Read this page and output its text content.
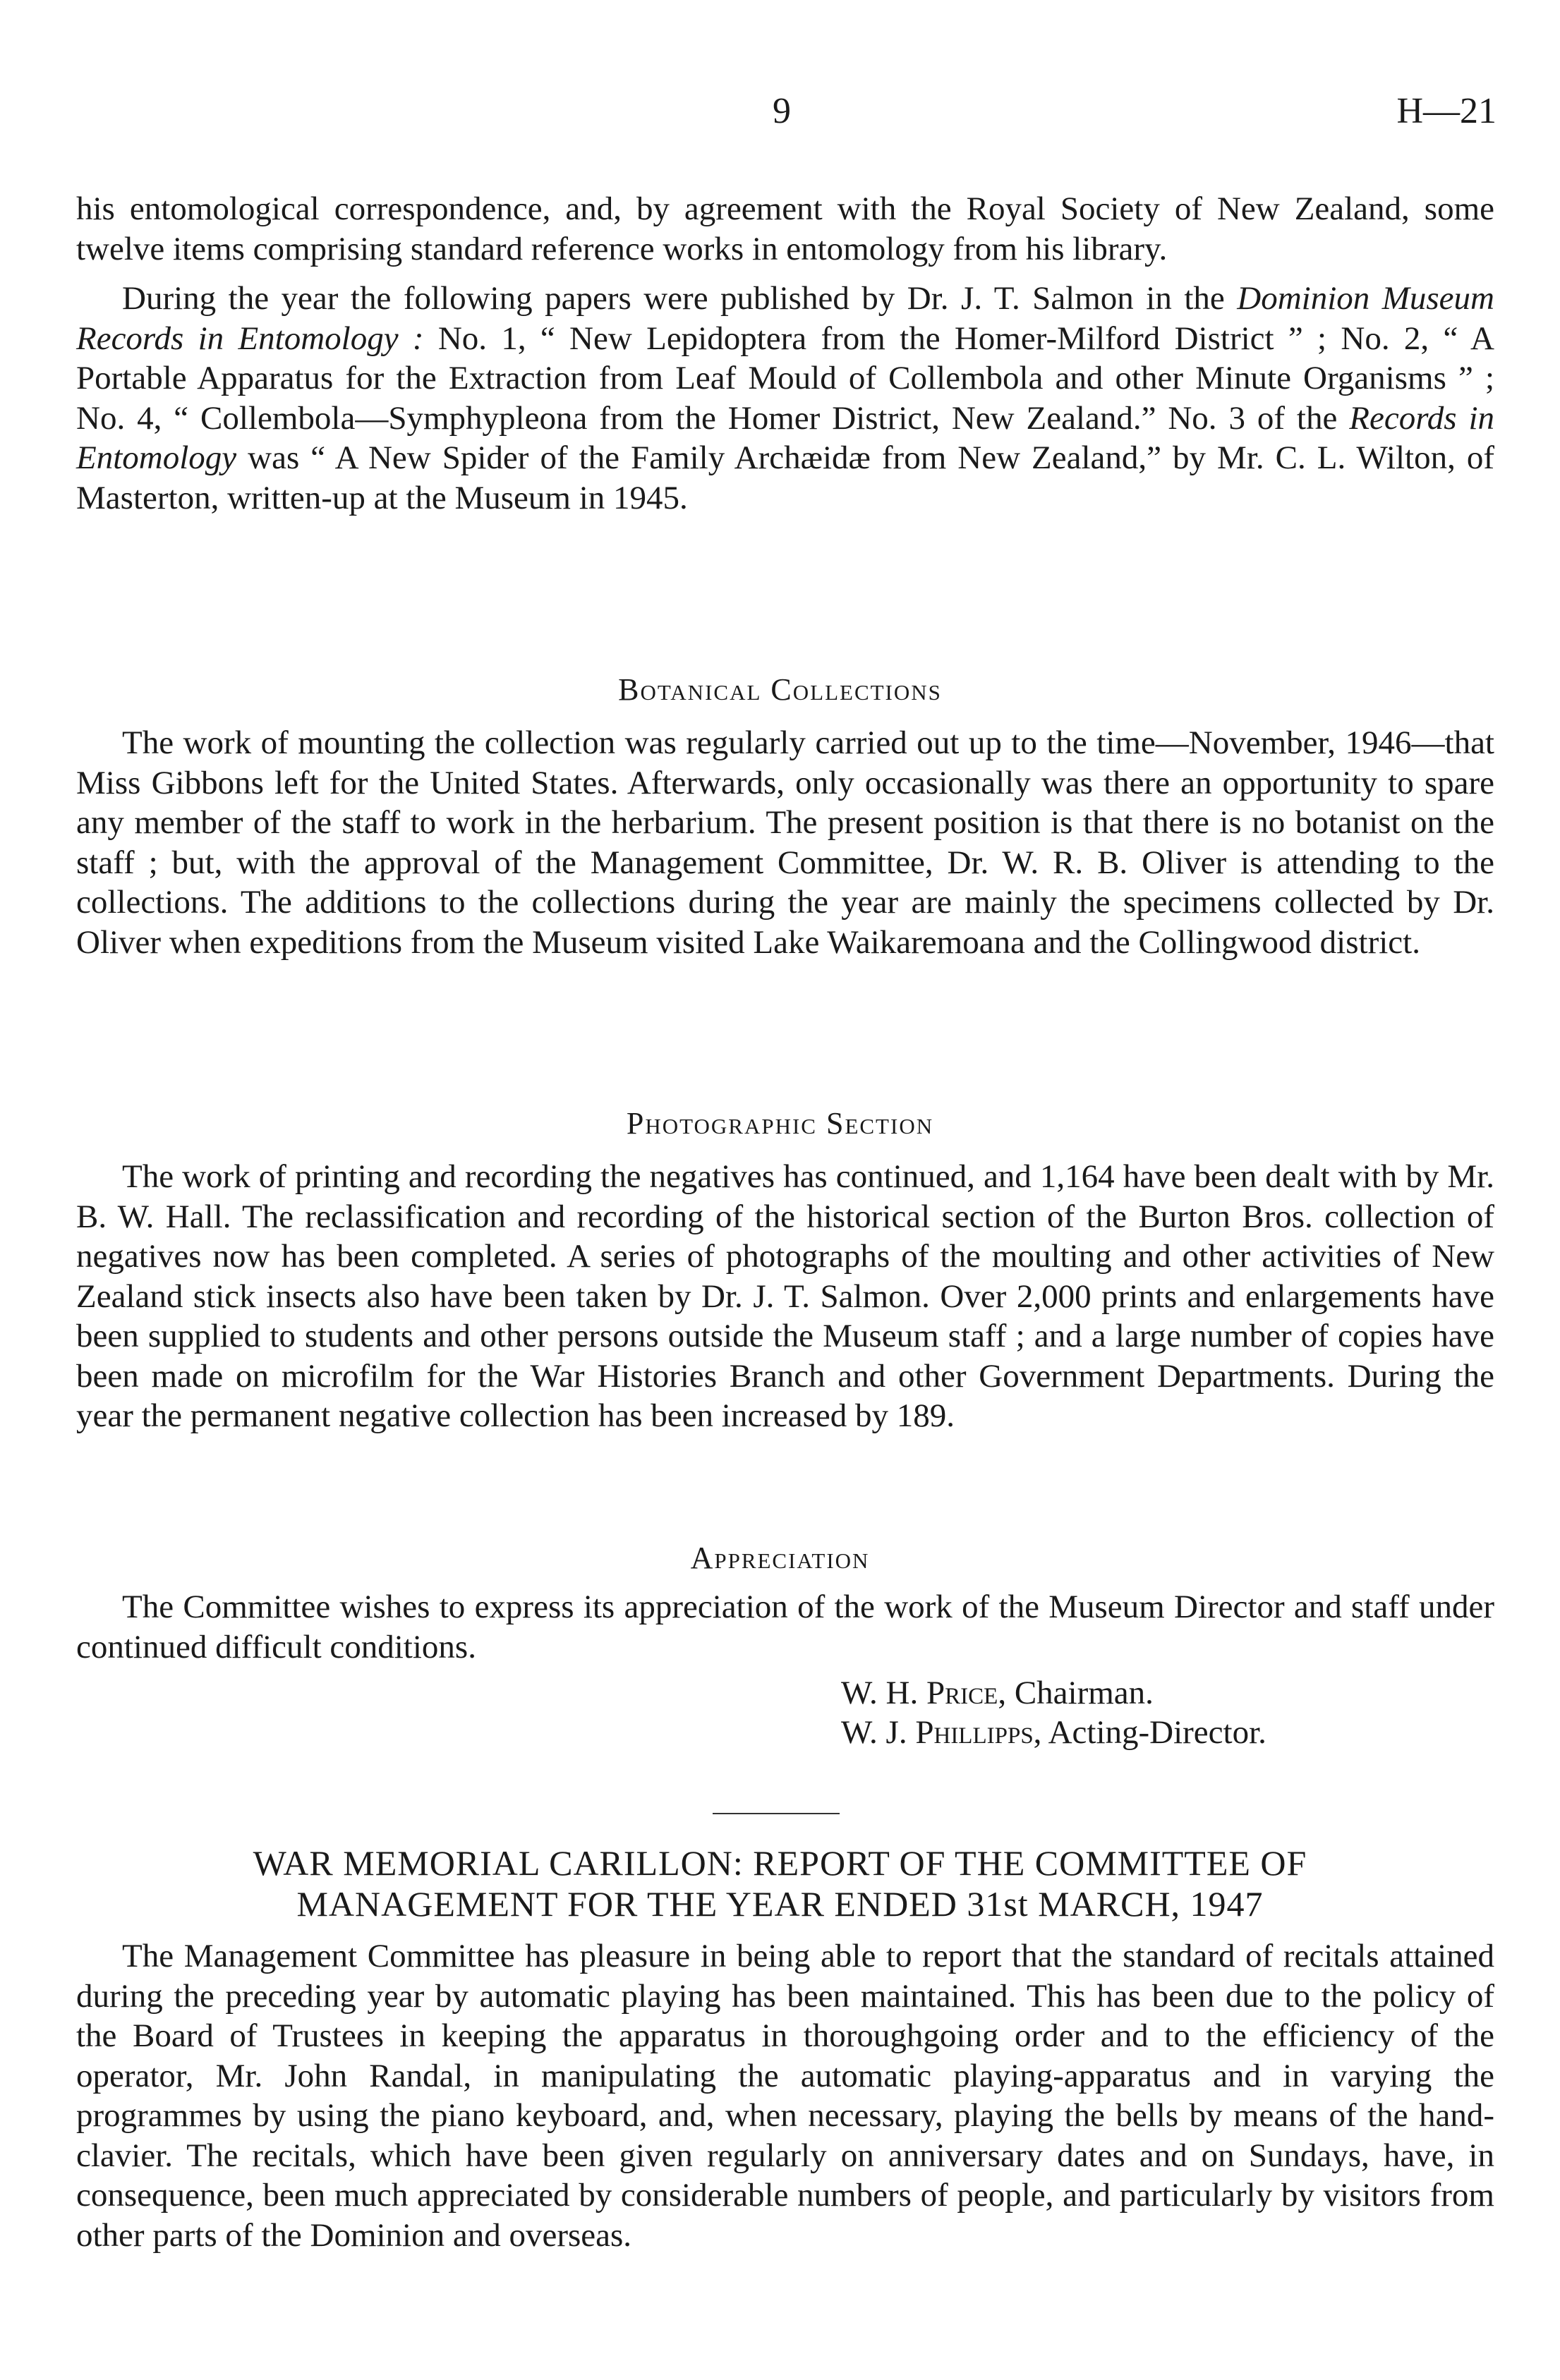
9	H—21

his entomological correspondence, and, by agreement with the Royal Society of New Zealand, some twelve items comprising standard reference works in entomology from his library.

During the year the following papers were published by Dr. J. T. Salmon in the Dominion Museum Records in Entomology : No. 1, “ New Lepidoptera from the Homer-Milford District ” ; No. 2, “ A Portable Apparatus for the Extraction from Leaf Mould of Collembola and other Minute Organisms ” ; No. 4, “ Collembola—Symphypleona from the Homer District, New Zealand.” No. 3 of the Records in Entomology was “ A New Spider of the Family Archæidæ from New Zealand,” by Mr. C. L. Wilton, of Masterton, written-up at the Museum in 1945.

Botanical Collections

The work of mounting the collection was regularly carried out up to the time—November, 1946—that Miss Gibbons left for the United States. Afterwards, only occasionally was there an opportunity to spare any member of the staff to work in the herbarium. The present position is that there is no botanist on the staff ; but, with the approval of the Management Committee, Dr. W. R. B. Oliver is attending to the collections. The additions to the collections during the year are mainly the specimens collected by Dr. Oliver when expeditions from the Museum visited Lake Waikaremoana and the Collingwood district.

Photographic Section

The work of printing and recording the negatives has continued, and 1,164 have been dealt with by Mr. B. W. Hall. The reclassification and recording of the historical section of the Burton Bros. collection of negatives now has been completed. A series of photographs of the moulting and other activities of New Zealand stick insects also have been taken by Dr. J. T. Salmon. Over 2,000 prints and enlargements have been supplied to students and other persons outside the Museum staff ; and a large number of copies have been made on microfilm for the War Histories Branch and other Government Departments. During the year the permanent negative collection has been increased by 189.

Appreciation

The Committee wishes to express its appreciation of the work of the Museum Director and staff under continued difficult conditions.

W. H. Price, Chairman.
W. J. Phillipps, Acting-Director.
WAR MEMORIAL CARILLON: REPORT OF THE COMMITTEE OF
MANAGEMENT FOR THE YEAR ENDED 31st MARCH, 1947

The Management Committee has pleasure in being able to report that the standard of recitals attained during the preceding year by automatic playing has been maintained. This has been due to the policy of the Board of Trustees in keeping the apparatus in thoroughgoing order and to the efficiency of the operator, Mr. John Randal, in manipulating the automatic playing-apparatus and in varying the programmes by using the piano keyboard, and, when necessary, playing the bells by means of the hand-clavier. The recitals, which have been given regularly on anniversary dates and on Sundays, have, in consequence, been much appreciated by considerable numbers of people, and particularly by visitors from other parts of the Dominion and overseas.
